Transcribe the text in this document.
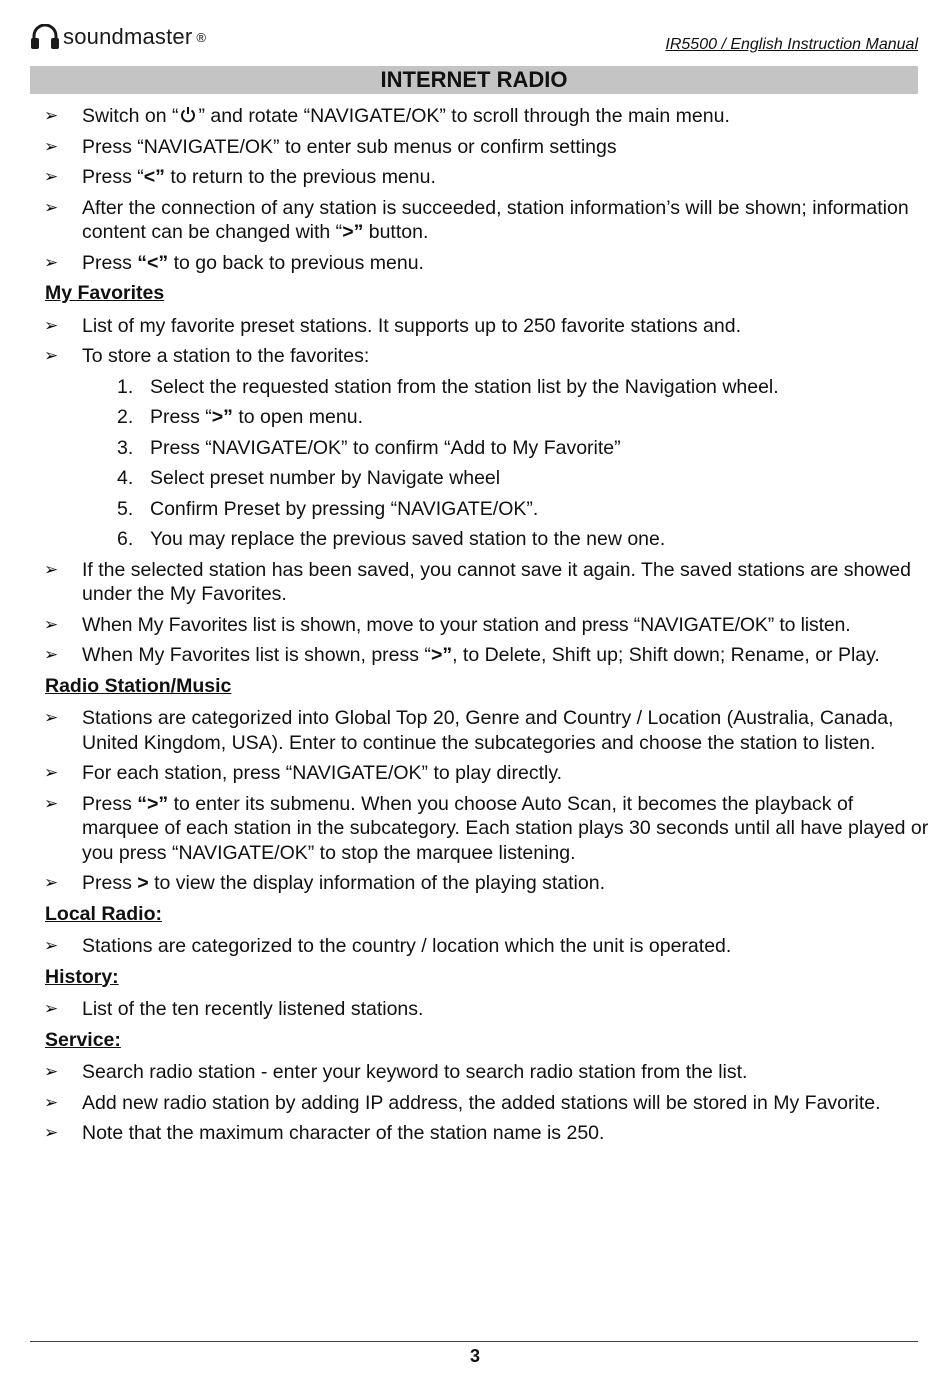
soundmaster ®	IR5500 / English Instruction Manual
INTERNET RADIO
➢ Switch on “ ” and rotate “NAVIGATE/OK” to scroll through the main menu.
➢ Press “NAVIGATE/OK” to enter sub menus or confirm settings
➢ Press “<” to return to the previous menu.
➢ After the connection of any station is succeeded, station information’s will be shown; information content can be changed with “>” button.
➢ Press “<” to go back to previous menu.
My Favorites
➢ List of my favorite preset stations. It supports up to 250 favorite stations and.
➢ To store a station to the favorites:
1. Select the requested station from the station list by the Navigation wheel.
2. Press “>” to open menu.
3. Press “NAVIGATE/OK” to confirm “Add to My Favorite”
4. Select preset number by Navigate wheel
5. Confirm Preset by pressing “NAVIGATE/OK”.
6. You may replace the previous saved station to the new one.
➢ If the selected station has been saved, you cannot save it again. The saved stations are showed under the My Favorites.
➢ When My Favorites list is shown, move to your station and press “NAVIGATE/OK” to listen.
➢ When My Favorites list is shown, press “>”, to Delete, Shift up; Shift down; Rename, or Play.
Radio Station/Music
➢ Stations are categorized into Global Top 20, Genre and Country / Location (Australia, Canada, United Kingdom, USA). Enter to continue the subcategories and choose the station to listen.
➢ For each station, press “NAVIGATE/OK” to play directly.
➢ Press “>” to enter its submenu. When you choose Auto Scan, it becomes the playback of marquee of each station in the subcategory. Each station plays 30 seconds until all have played or you press “NAVIGATE/OK” to stop the marquee listening.
➢ Press > to view the display information of the playing station.
Local Radio:
➢ Stations are categorized to the country / location which the unit is operated.
History:
➢ List of the ten recently listened stations.
Service:
➢ Search radio station - enter your keyword to search radio station from the list.
➢ Add new radio station by adding IP address, the added stations will be stored in My Favorite.
➢ Note that the maximum character of the station name is 250.
3
